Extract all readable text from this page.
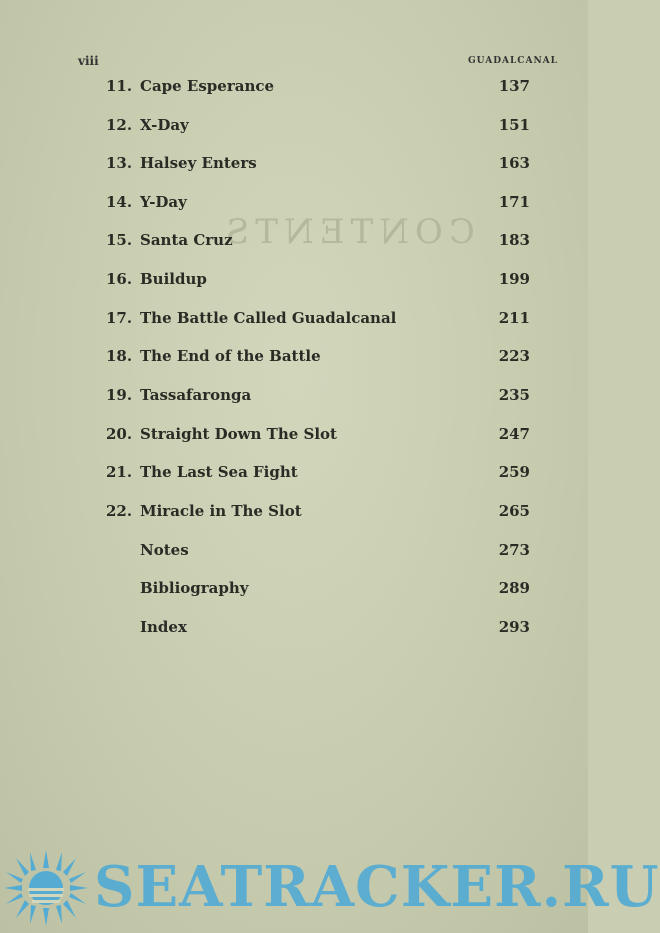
CONTENTS
viii	GUADALCANAL
11. Cape Esperance	137
12. X-Day	151
13. Halsey Enters	163
14. Y-Day	171
15. Santa Cruz	183
16. Buildup	199
17. The Battle Called Guadalcanal	211
18. The End of the Battle	223
19. Tassafaronga	235
20. Straight Down The Slot	247
21. The Last Sea Fight	259
22. Miracle in The Slot	265
Notes	273
Bibliography	289
Index	293
SEATRACKER.RU
